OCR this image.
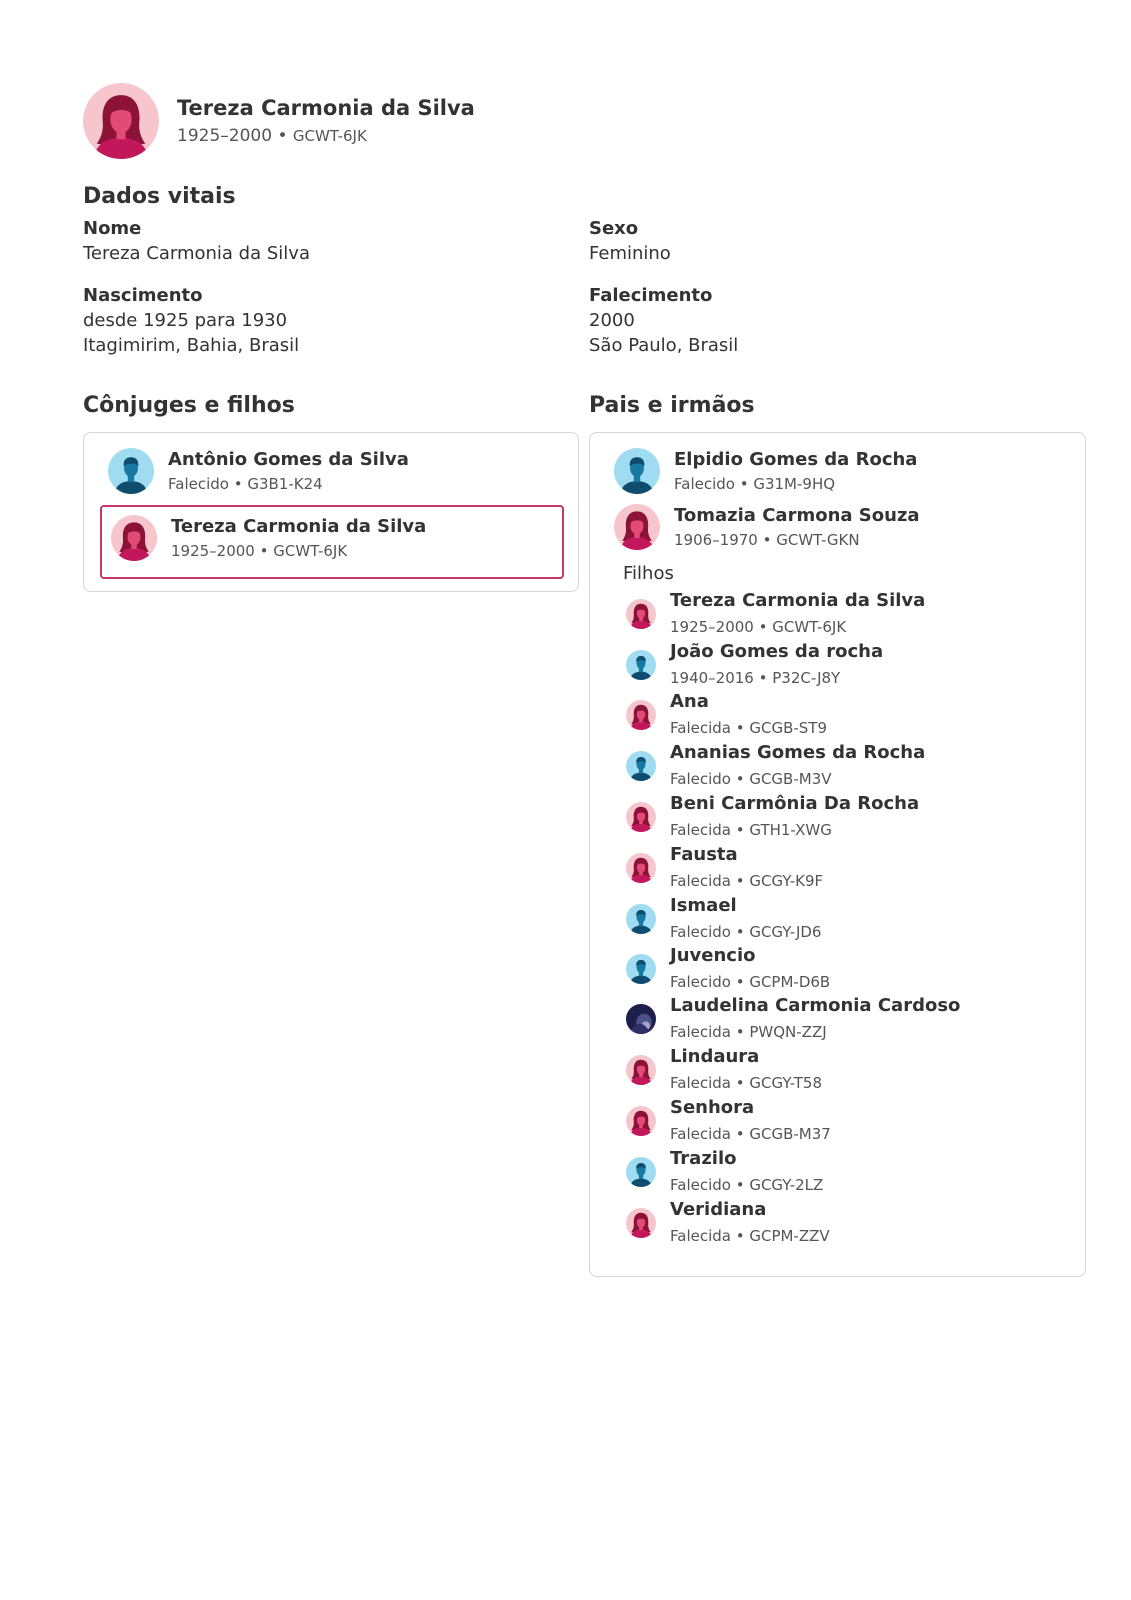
Tereza Carmonia da Silva
1925–2000 • GCWT-6JK
Dados vitais
Nome
Tereza Carmonia da Silva
Sexo
Feminino
Nascimento
desde 1925 para 1930
Itagimirim, Bahia, Brasil
Falecimento
2000
São Paulo, Brasil
Cônjuges e filhos
Antônio Gomes da Silva
Falecido • G3B1-K24
Tereza Carmonia da Silva
1925–2000 • GCWT-6JK
Pais e irmãos
Elpidio Gomes da Rocha
Falecido • G31M-9HQ
Tomazia Carmona Souza
1906–1970 • GCWT-GKN
Filhos
Tereza Carmonia da Silva
1925–2000 • GCWT-6JK
João Gomes da rocha
1940–2016 • P32C-J8Y
Ana
Falecida • GCGB-ST9
Ananias Gomes da Rocha
Falecido • GCGB-M3V
Beni Carmônia Da Rocha
Falecida • GTH1-XWG
Fausta
Falecida • GCGY-K9F
Ismael
Falecido • GCGY-JD6
Juvencio
Falecido • GCPM-D6B
Laudelina Carmonia Cardoso
Falecida • PWQN-ZZJ
Lindaura
Falecida • GCGY-T58
Senhora
Falecida • GCGB-M37
Trazilo
Falecido • GCGY-2LZ
Veridiana
Falecida • GCPM-ZZV
